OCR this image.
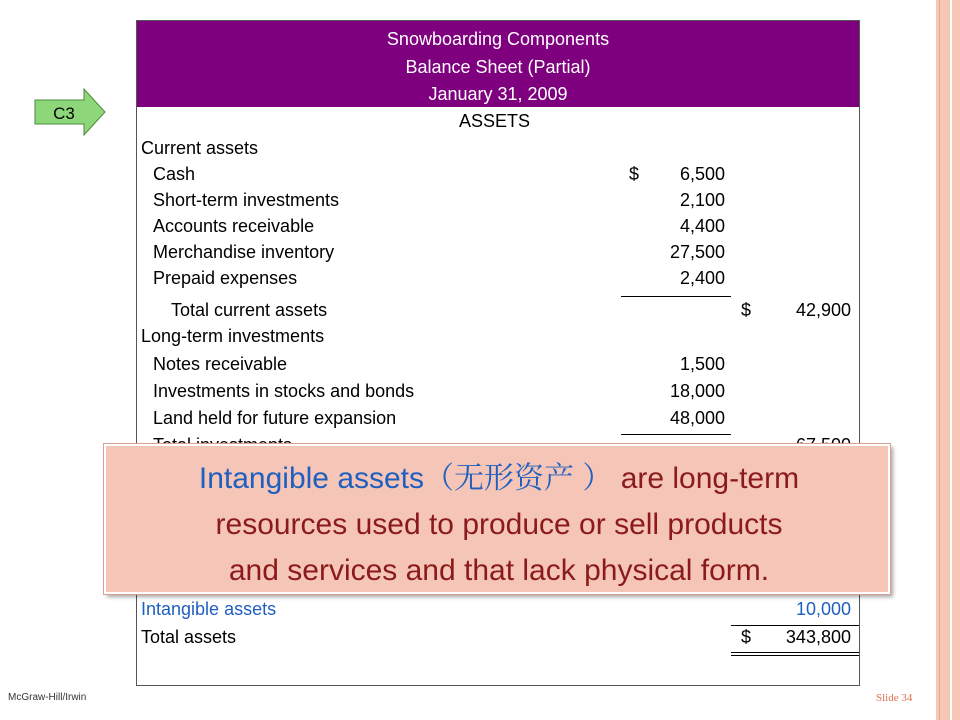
C3
Snowboarding Components
Balance Sheet (Partial)
January 31, 2009
ASSETS
Current assets
Cash	$ 6,500
Short-term investments	2,100
Accounts receivable	4,400
Merchandise inventory	27,500
Prepaid expenses	2,400
Total current assets	$ 42,900
Long-term investments
Notes receivable	1,500
Investments in stocks and bonds	18,000
Land held for future expansion	48,000
Intangible assets	10,000
Total assets	$ 343,800
Intangible assets（无形资产 ） are long-term
resources used to produce or sell products
and services and that lack physical form.
McGraw-Hill/Irwin	Slide 34
